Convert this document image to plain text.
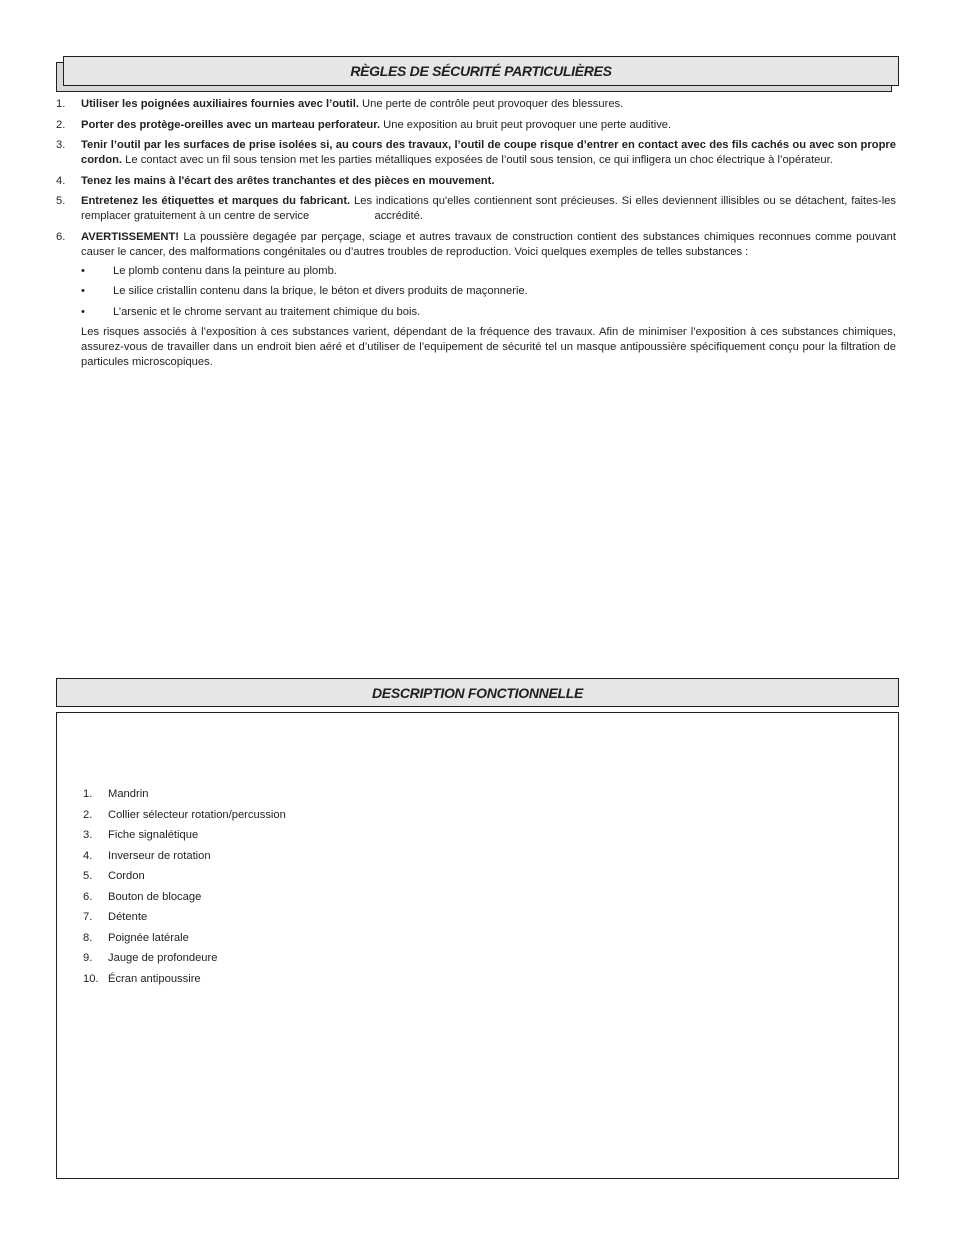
RÈGLES DE SÉCURITÉ PARTICULIÈRES
1.	Utiliser les poignées auxiliaires fournies avec l’outil. Une perte de contrôle peut provoquer des blessures.
2.	Porter des protège-oreilles avec un marteau perforateur. Une exposition au bruit peut provoquer une perte auditive.
3.	Tenir l’outil par les surfaces de prise isolées si, au cours des travaux, l’outil de coupe risque d’entrer en contact avec des fils cachés ou avec son propre cordon. Le contact avec un fil sous tension met les parties métalliques exposées de l’outil sous tension, ce qui infligera un choc électrique à l’opérateur.
4.	Tenez les mains à l'écart des arêtes tranchantes et des pièces en mouvement.
5.	Entretenez les étiquettes et marques du fabricant. Les indications qu'elles contiennent sont précieuses. Si elles deviennent illisibles ou se détachent, faites-les remplacer gratuitement à un centre de service                     accrédité.
6.	AVERTISSEMENT! La poussière degagée par perçage, sciage et autres travaux de construction contient des substances chimiques reconnues comme pouvant causer le cancer, des malformations congénitales ou d’autres troubles de reproduction. Voici quelques exemples de telles substances :
•	Le plomb contenu dans la peinture au plomb.
•	Le silice cristallin contenu dans la brique, le béton et divers produits de maçonnerie.
•	L’arsenic et le chrome servant au traitement chimique du bois.
Les risques associés à l’exposition à ces substances varient, dépendant de la fréquence des travaux. Afin de minimiser l’exposition à ces substances chimiques, assurez-vous de travailler dans un endroit bien aéré et d’utiliser de l’equipement de sécurité tel un masque antipoussière spécifiquement conçu pour la filtration de particules microscopiques.
DESCRIPTION FONCTIONNELLE
1.	Mandrin
2.	Collier sélecteur rotation/percussion
3.	Fiche signalétique
4.	Inverseur de rotation
5.	Cordon
6.	Bouton de blocage
7.	Détente
8.	Poignée latérale
9.	Jauge de profondeure
10. Écran antipoussire
